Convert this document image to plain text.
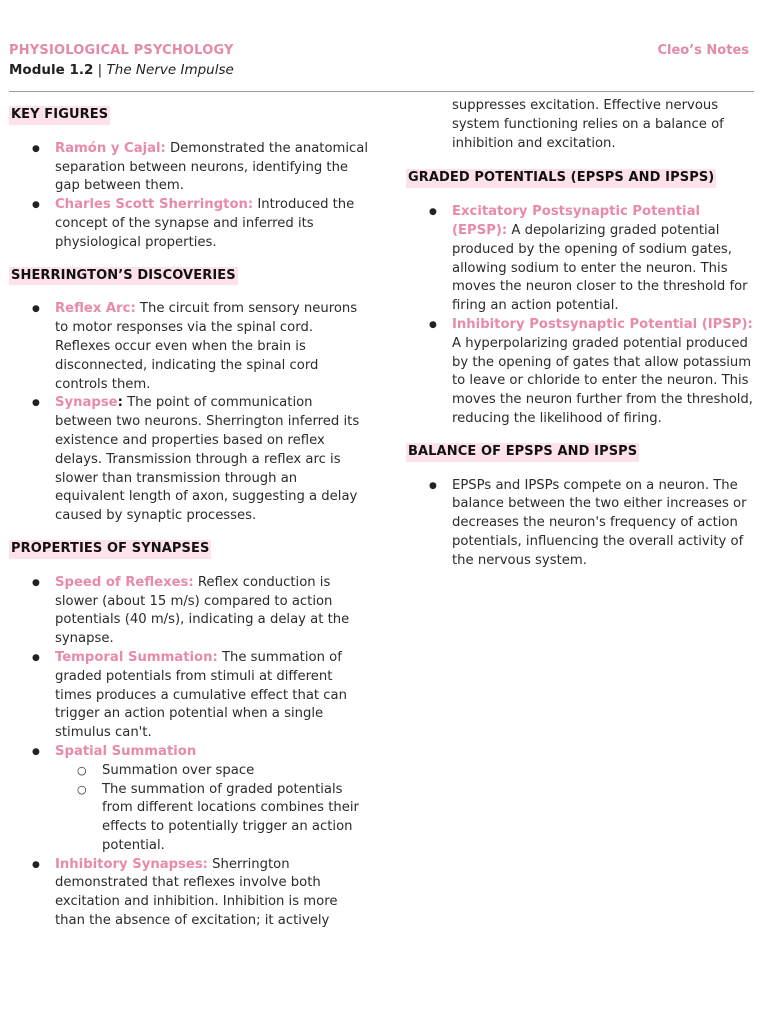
PHYSIOLOGICAL PSYCHOLOGY	Cleo’s Notes
Module 1.2 | The Nerve Impulse
KEY FIGURES
● Ramón y Cajal: Demonstrated the anatomical separation between neurons, identifying the gap between them.
● Charles Scott Sherrington: Introduced the concept of the synapse and inferred its physiological properties.
SHERRINGTON’S DISCOVERIES
● Reflex Arc: The circuit from sensory neurons to motor responses via the spinal cord. Reflexes occur even when the brain is disconnected, indicating the spinal cord controls them.
● Synapse: The point of communication between two neurons. Sherrington inferred its existence and properties based on reflex delays. Transmission through a reflex arc is slower than transmission through an equivalent length of axon, suggesting a delay caused by synaptic processes.
PROPERTIES OF SYNAPSES
● Speed of Reflexes: Reflex conduction is slower (about 15 m/s) compared to action potentials (40 m/s), indicating a delay at the synapse.
● Temporal Summation: The summation of graded potentials from stimuli at different times produces a cumulative effect that can trigger an action potential when a single stimulus can't.
● Spatial Summation
○ Summation over space
○ The summation of graded potentials from different locations combines their effects to potentially trigger an action potential.
● Inhibitory Synapses: Sherrington demonstrated that reflexes involve both excitation and inhibition. Inhibition is more than the absence of excitation; it actively
suppresses excitation. Effective nervous system functioning relies on a balance of inhibition and excitation.
GRADED POTENTIALS (EPSPS AND IPSPS)
● Excitatory Postsynaptic Potential (EPSP): A depolarizing graded potential produced by the opening of sodium gates, allowing sodium to enter the neuron. This moves the neuron closer to the threshold for firing an action potential.
● Inhibitory Postsynaptic Potential (IPSP): A hyperpolarizing graded potential produced by the opening of gates that allow potassium to leave or chloride to enter the neuron. This moves the neuron further from the threshold, reducing the likelihood of firing.
BALANCE OF EPSPS AND IPSPS
● EPSPs and IPSPs compete on a neuron. The balance between the two either increases or decreases the neuron's frequency of action potentials, influencing the overall activity of the nervous system.
